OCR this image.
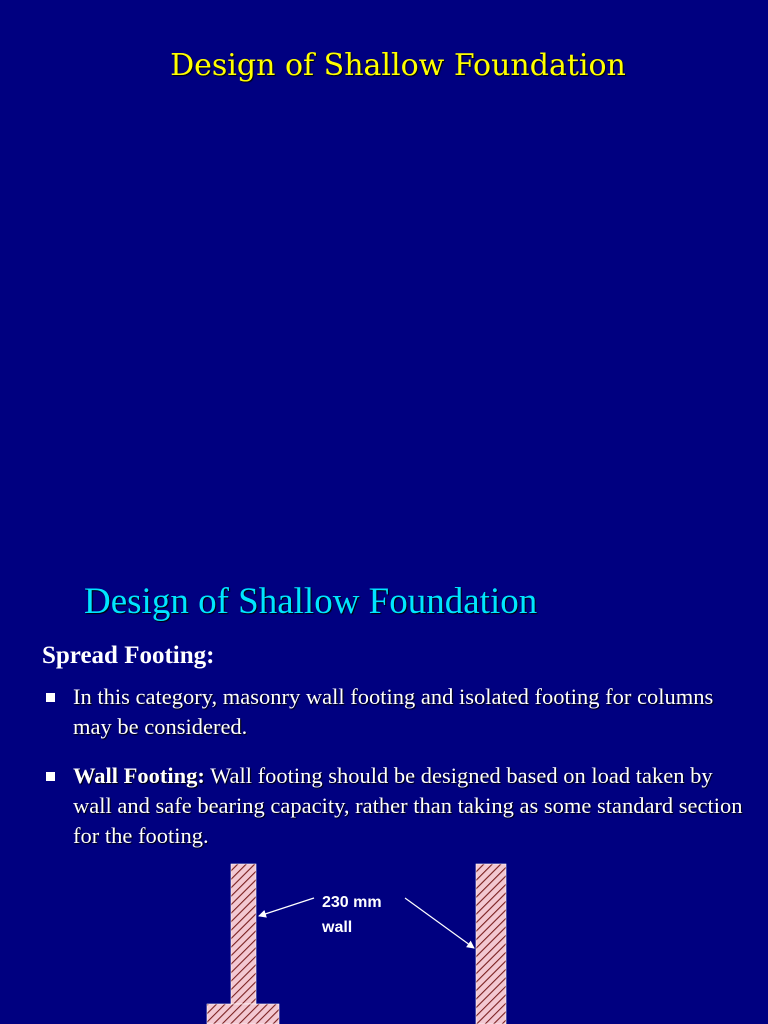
Design of Shallow Foundation
Design of Shallow Foundation
Spread Footing:
In this category, masonry wall footing and isolated footing for columns may be considered.
Wall Footing: Wall footing should be designed based on load taken by wall and safe bearing capacity, rather than taking as some standard section for the footing.
230 mm
wall
